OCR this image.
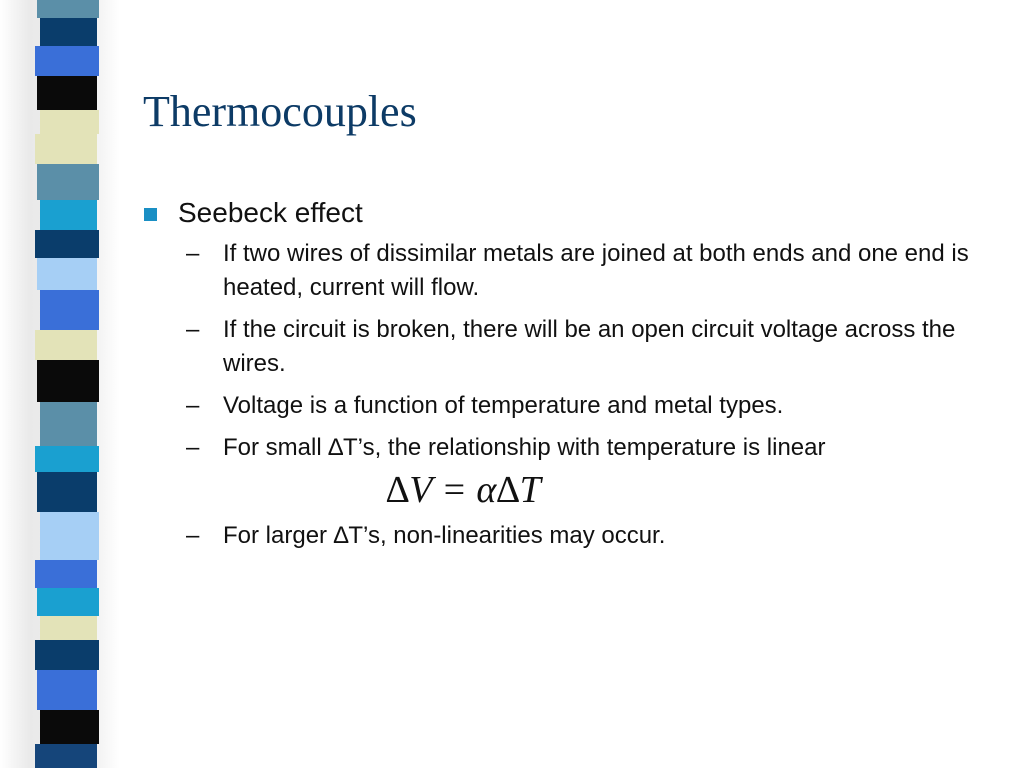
Thermocouples
Seebeck effect
– If two wires of dissimilar metals are joined at both ends and one end is heated, current will flow.
– If the circuit is broken, there will be an open circuit voltage across the wires.
– Voltage is a function of temperature and metal types.
– For small ∆T’s, the relationship with temperature is linear
∆V = α∆T
– For larger ∆T’s, non-linearities may occur.
